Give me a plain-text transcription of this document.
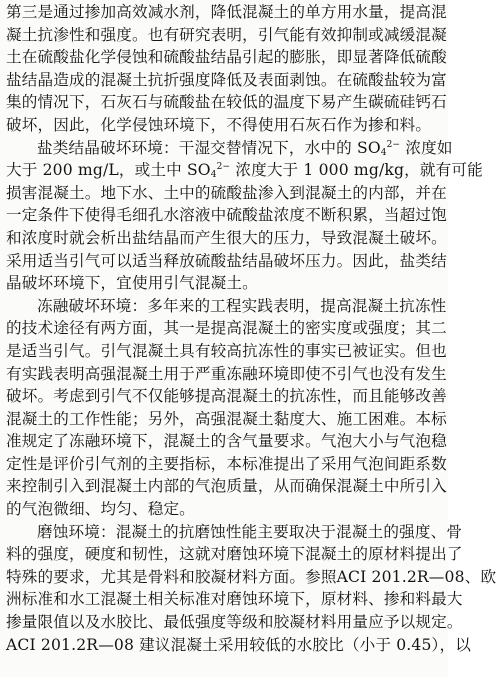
第三是通过掺加高效减水剂，降低混凝土的单方用水量，提高混
凝土抗渗性和强度。也有研究表明，引气能有效抑制或减缓混凝
土在硫酸盐化学侵蚀和硫酸盐结晶引起的膨胀，即显著降低硫酸
盐结晶造成的混凝土抗折强度降低及表面剥蚀。在硫酸盐较为富
集的情况下，石灰石与硫酸盐在较低的温度下易产生碳硫硅钙石
破坏，因此，化学侵蚀环境下，不得使用石灰石作为掺和料。
盐类结晶破坏环境：干湿交替情况下，水中的 $SO_4^{2-}$ 浓度如
大于 200 mg/L，或土中 $SO_4^{2-}$ 浓度大于 1 000 mg/kg，就有可能
损害混凝土。地下水、土中的硫酸盐渗入到混凝土的内部，并在
一定条件下使得毛细孔水溶液中硫酸盐浓度不断积累，当超过饱
和浓度时就会析出盐结晶而产生很大的压力，导致混凝土破坏。
采用适当引气可以适当释放硫酸盐结晶破坏压力。因此，盐类结
晶破坏环境下，宜使用引气混凝土。
冻融破坏环境：多年来的工程实践表明，提高混凝土抗冻性
的技术途径有两方面，其一是提高混凝土的密实度或强度；其二
是适当引气。引气混凝土具有较高抗冻性的事实已被证实。但也
有实践表明高强混凝土用于严重冻融环境即使不引气也没有发生
破坏。考虑到引气不仅能够提高混凝土的抗冻性，而且能够改善
混凝土的工作性能；另外，高强混凝土黏度大、施工困难。本标
准规定了冻融环境下，混凝土的含气量要求。气泡大小与气泡稳
定性是评价引气剂的主要指标，本标准提出了采用气泡间距系数
来控制引入到混凝土内部的气泡质量，从而确保混凝土中所引入
的气泡微细、均匀、稳定。
磨蚀环境：混凝土的抗磨蚀性能主要取决于混凝土的强度、骨
料的强度，硬度和韧性，这就对磨蚀环境下混凝土的原材料提出了
特殊的要求，尤其是骨料和胶凝材料方面。参照ACI 201.2R—08、欧
洲标准和水工混凝土相关标准对磨蚀环境下，原材料、掺和料最大
掺量限值以及水胶比、最低强度等级和胶凝材料用量应予以规定。
ACI 201.2R—08 建议混凝土采用较低的水胶比（小于 0.45），以
